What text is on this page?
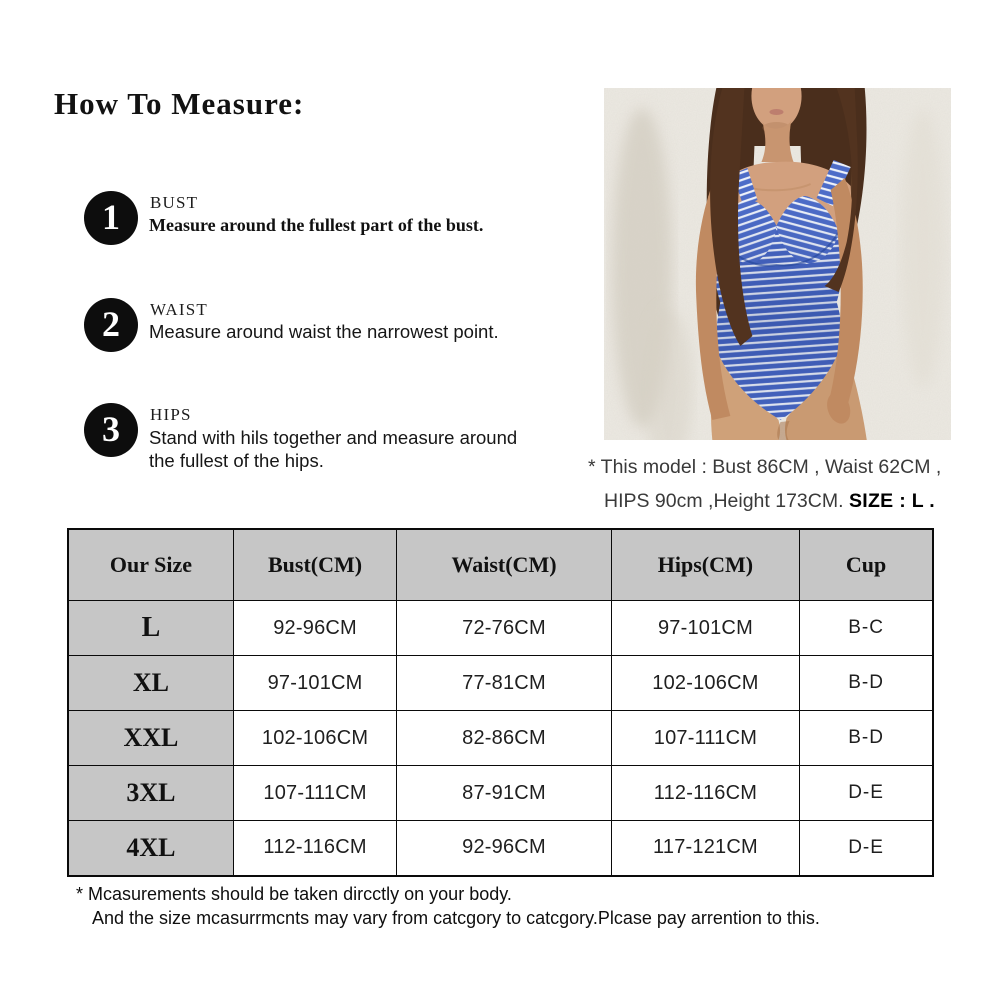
How To Measure:
1 BUST
Measure around the fullest part of the bust.
2 WAIST
Measure around waist the narrowest point.
3 HIPS
Stand with hils together and measure around the fullest of the hips.	* This model : Bust 86CM , Waist 62CM ,
HIPS 90cm ,Height 173CM. SIZE : L .
Our Size	Bust(CM)	Waist(CM)	Hips(CM)	Cup
L	92-96CM	72-76CM	97-101CM	B-C
XL	97-101CM	77-81CM	102-106CM	B-D
XXL	102-106CM	82-86CM	107-111CM	B-D
3XL	107-111CM	87-91CM	112-116CM	D-E
4XL	112-116CM	92-96CM	117-121CM	D-E
* Mcasurements should be taken dircctly on your body.
And the size mcasurrmcnts may vary from catcgory to catcgory.Plcase pay arrention to this.
